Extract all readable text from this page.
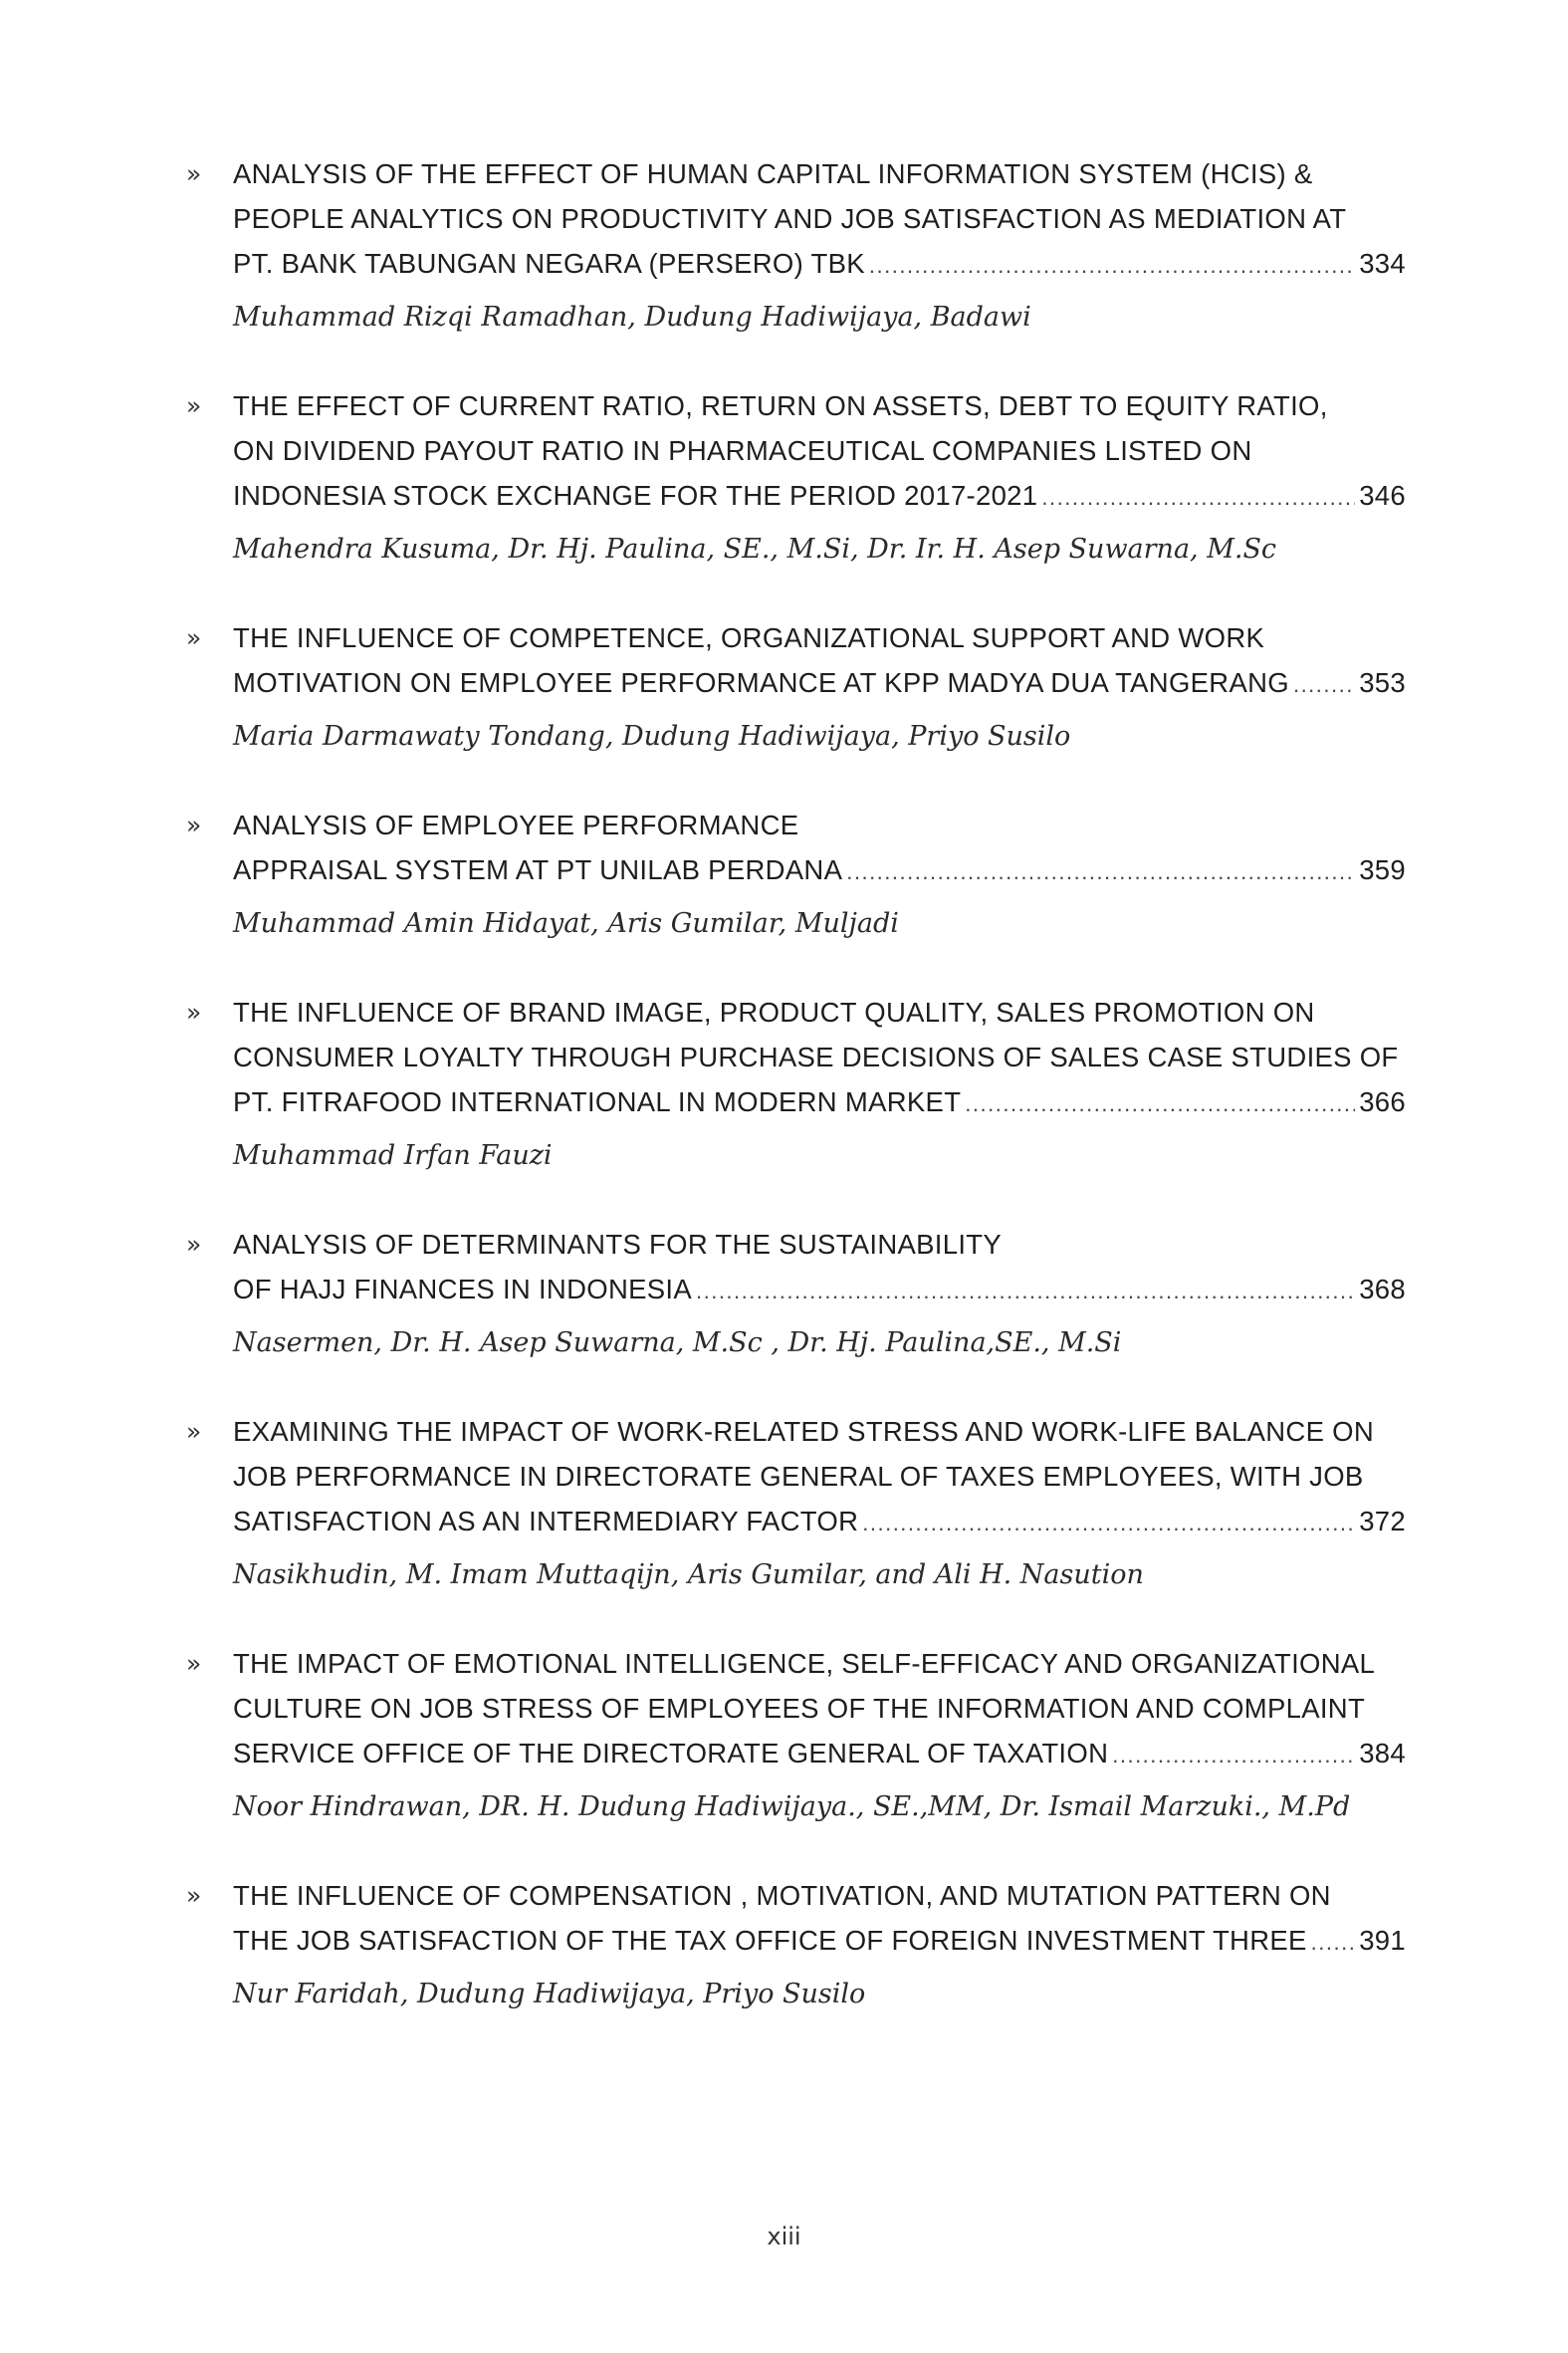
» ANALYSIS OF THE EFFECT OF HUMAN CAPITAL INFORMATION SYSTEM (HCIS) &
PEOPLE ANALYTICS ON PRODUCTIVITY AND JOB SATISFACTION AS MEDIATION AT
PT. BANK TABUNGAN NEGARA (PERSERO) TBK .....	334
Muhammad Rizqi Ramadhan, Dudung Hadiwijaya, Badawi
» THE EFFECT OF CURRENT RATIO, RETURN ON ASSETS, DEBT TO EQUITY RATIO,
ON DIVIDEND PAYOUT RATIO IN PHARMACEUTICAL COMPANIES LISTED ON
INDONESIA STOCK EXCHANGE FOR THE PERIOD 2017-2021 .....	346
Mahendra Kusuma, Dr. Hj. Paulina, SE., M.Si, Dr. Ir. H. Asep Suwarna, M.Sc
» THE INFLUENCE OF COMPETENCE, ORGANIZATIONAL SUPPORT AND WORK
MOTIVATION ON EMPLOYEE PERFORMANCE AT KPP MADYA DUA TANGERANG .....	353
Maria Darmawaty Tondang, Dudung Hadiwijaya, Priyo Susilo
» ANALYSIS OF EMPLOYEE PERFORMANCE
APPRAISAL SYSTEM AT PT UNILAB PERDANA .....	359
Muhammad Amin Hidayat, Aris Gumilar, Muljadi
» THE INFLUENCE OF BRAND IMAGE, PRODUCT QUALITY, SALES PROMOTION ON
CONSUMER LOYALTY THROUGH PURCHASE DECISIONS OF SALES CASE STUDIES OF
PT. FITRAFOOD INTERNATIONAL IN MODERN MARKET .....	366
Muhammad Irfan Fauzi
» ANALYSIS OF DETERMINANTS FOR THE SUSTAINABILITY
OF HAJJ FINANCES IN INDONESIA .....	368
Nasermen, Dr. H. Asep Suwarna, M.Sc , Dr. Hj. Paulina,SE., M.Si
» EXAMINING THE IMPACT OF WORK-RELATED STRESS AND WORK-LIFE BALANCE ON
JOB PERFORMANCE IN DIRECTORATE GENERAL OF TAXES EMPLOYEES, WITH JOB
SATISFACTION AS AN INTERMEDIARY FACTOR .....	372
Nasikhudin, M. Imam Muttaqijn, Aris Gumilar, and Ali H. Nasution
» THE IMPACT OF EMOTIONAL INTELLIGENCE, SELF-EFFICACY AND ORGANIZATIONAL
CULTURE ON JOB STRESS OF EMPLOYEES OF THE INFORMATION AND COMPLAINT
SERVICE OFFICE OF THE DIRECTORATE GENERAL OF TAXATION .....	384
Noor Hindrawan, DR. H. Dudung Hadiwijaya., SE.,MM, Dr. Ismail Marzuki., M.Pd
» THE INFLUENCE OF COMPENSATION , MOTIVATION, AND MUTATION PATTERN ON
THE JOB SATISFACTION OF THE TAX OFFICE OF FOREIGN INVESTMENT THREE ..... 391
Nur Faridah, Dudung Hadiwijaya, Priyo Susilo
xiii
